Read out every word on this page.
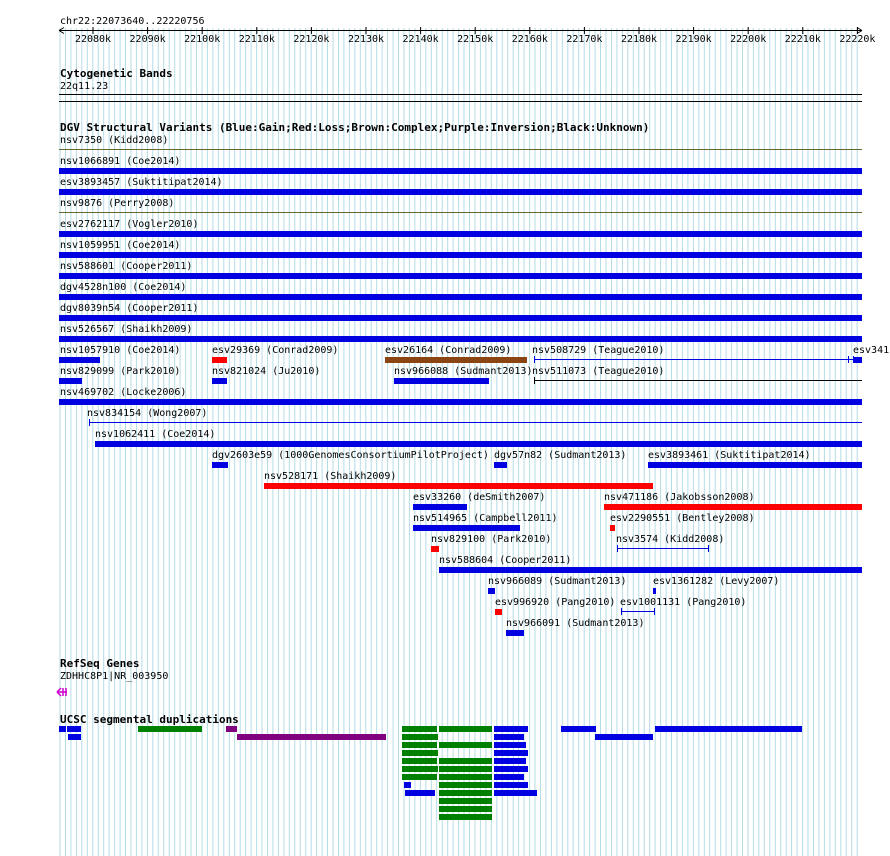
chr22:22073640..22220756
22080k 22090k 22100k 22110k 22120k 22130k 22140k 22150k 22160k 22170k 22180k 22190k 22200k 22210k 22220k
Cytogenetic Bands
22q11.23
DGV Structural Variants (Blue:Gain;Red:Loss;Brown:Complex;Purple:Inversion;Black:Unknown)
nsv7350 (Kidd2008)
nsv1066891 (Coe2014)
esv3893457 (Suktitipat2014)
nsv9876 (Perry2008)
esv2762117 (Vogler2010)
nsv1059951 (Coe2014)
nsv588601 (Cooper2011)
dgv4528n100 (Coe2014)
dgv8039n54 (Cooper2011)
nsv526567 (Shaikh2009)
nsv1057910 (Coe2014)	esv29369 (Conrad2009)	esv26164 (Conrad2009) nsv508729 (Teague2010)	esv341
nsv829099 (Park2010)	nsv821024 (Ju2010)	nsv966088 (Sudmant2013) nsv511073 (Teague2010)
nsv469702 (Locke2006)
nsv834154 (Wong2007)
nsv1062411 (Coe2014)
dgv2603e59 (1000GenomesConsortiumPilotProject) dgv57n82 (Sudmant2013) esv3893461 (Suktitipat2014)
nsv528171 (Shaikh2009)
esv33260 (deSmith2007)	nsv471186 (Jakobsson2008)
nsv514965 (Campbell2011)	esv2290551 (Bentley2008)
nsv829100 (Park2010)	nsv3574 (Kidd2008)
nsv588604 (Cooper2011)
nsv966089 (Sudmant2013)	esv1361282 (Levy2007)
esv996920 (Pang2010) esv1001131 (Pang2010)
nsv966091 (Sudmant2013)
RefSeq Genes
ZDHHC8P1|NR_003950
UCSC segmental duplications
